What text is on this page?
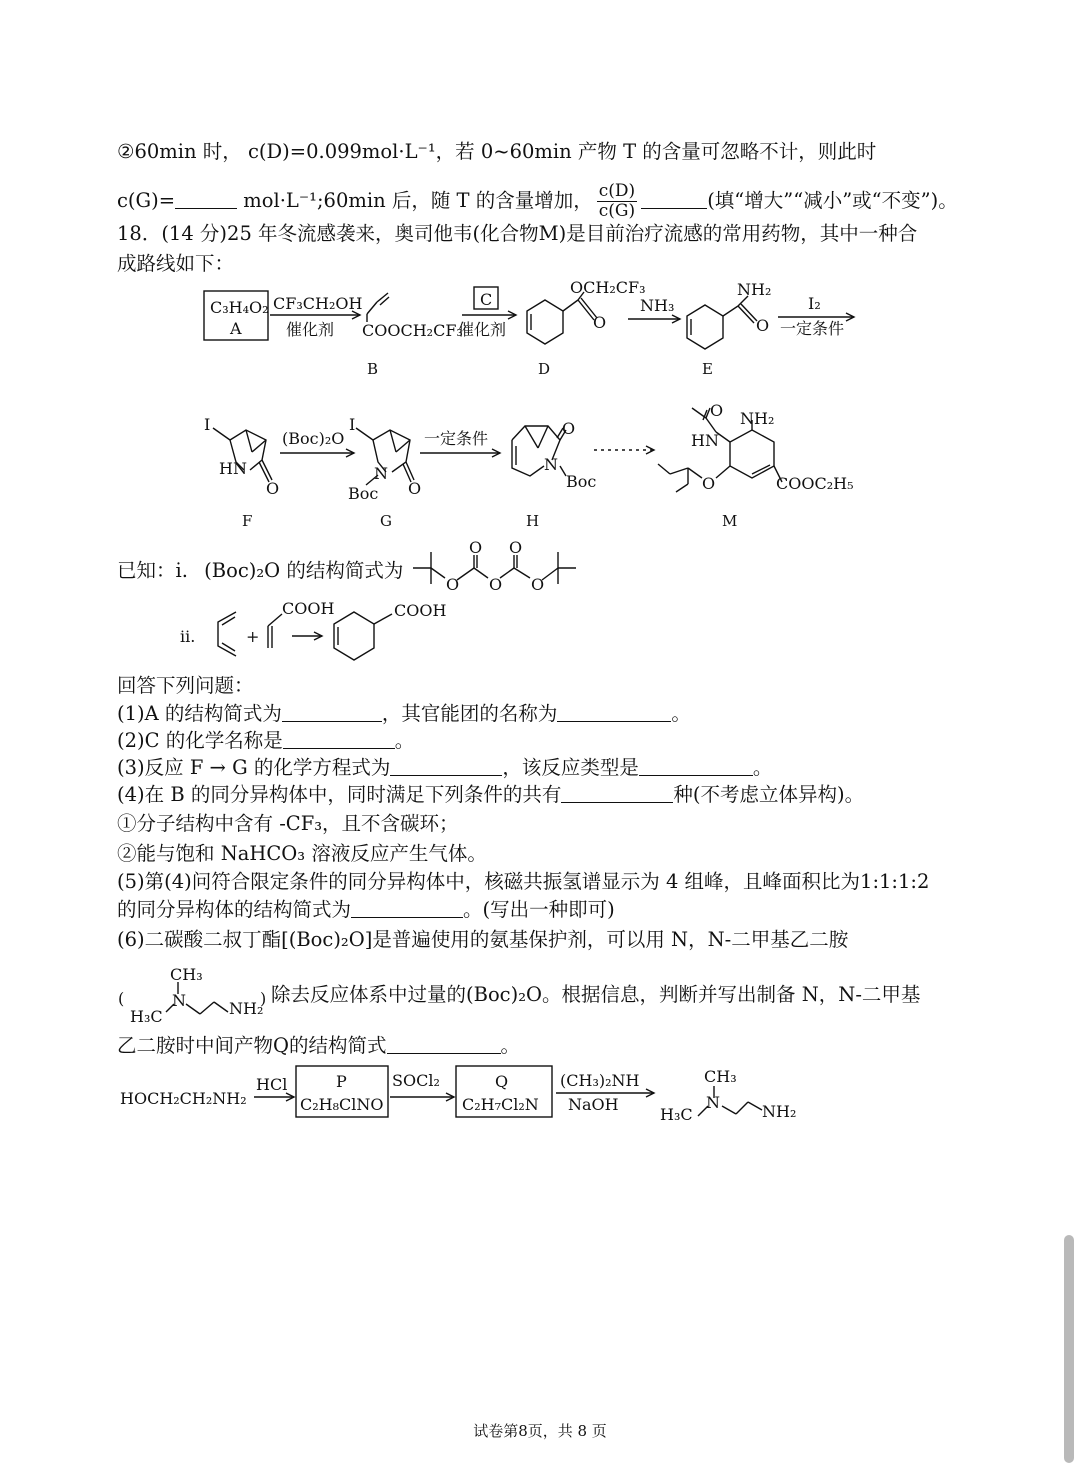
②60min 时， c(D)=0.099mol·L⁻¹，若 0~60min 产物 T 的含量可忽略不计，则此时
c(G)=	mol·L⁻¹;60min 后，随 T 的含量增加， $\frac{c(D)}{c(G)}$	(填“增大”“减小”或“不变”)。
18．(14 分)25 年冬流感袭来，奥司他韦(化合物M)是目前治疗流感的常用药物，其中一种合
成路线如下：
C₃H₄O₂
A
CF₃CH₂OH
催化剂 COOCH₂CF₃
C
催化剂
OCH₂CF₃
O
NH₃
NH₂
O
I₂
一定条件
B	D	E
I
HN
O
(Boc)₂O
I
N
Boc O
一定条件
N
Boc
O
O
HN
NH₂
O	COOC₂H₅
F	G	H	M
已知：i. (Boc)₂O 的结构简式为
O
O
O
O
O
ii.	+
COOH	COOH
回答下列问题：
(1)A 的结构简式为	，其官能团的名称为	。
(2)C 的化学名称是	。
(3)反应 F → G 的化学方程式为	，该反应类型是	。
(4)在 B 的同分异构体中，同时满足下列条件的共有	种(不考虑立体异构)。
①分子结构中含有 -CF₃，且不含碳环；
②能与饱和 NaHCO₃ 溶液反应产生气体。
(5)第(4)问符合限定条件的同分异构体中，核磁共振氢谱显示为 4 组峰，且峰面积比为1:1:1:2
的同分异构体的结构简式为	。(写出一种即可)
(6)二碳酸二叔丁酯[(Boc)₂O]是普遍使用的氨基保护剂，可以用 N，N-二甲基乙二胺
CH₃
H₃C
N	NH₂
(	) 除去反应体系中过量的(Boc)₂O。根据信息，判断并写出制备 N，N-二甲基
乙二胺时中间产物Q的结构简式	。
HOCH₂CH₂NH₂
HCl	P
C₂H₈ClNO
SOCl₂	Q
C₂H₇Cl₂N
(CH₃)₂NH
NaOH
CH₃
H₃C
N	NH₂
试卷第8页，共 8 页
